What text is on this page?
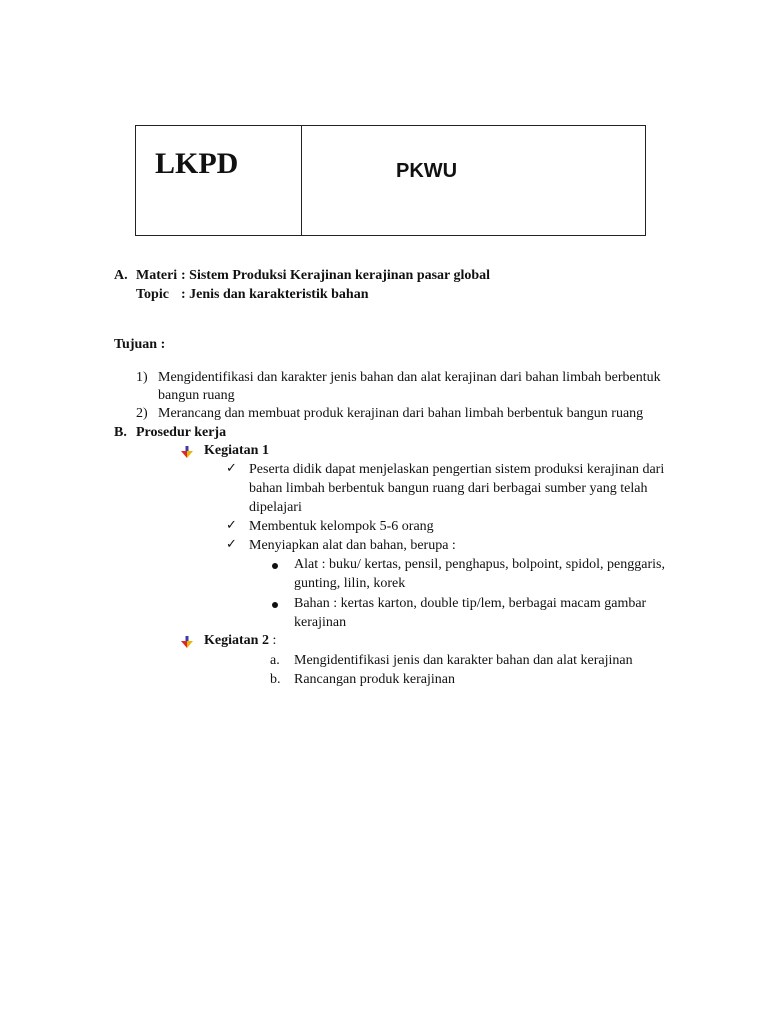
LKPD	PKWU
A. Materi : Sistem Produksi Kerajinan kerajinan pasar global
Topic : Jenis dan karakteristik bahan
Tujuan :
1) Mengidentifikasi dan karakter jenis bahan dan alat kerajinan dari bahan limbah berbentuk
bangun ruang
2) Merancang dan membuat produk kerajinan dari bahan limbah berbentuk bangun ruang
B. Prosedur kerja
Kegiatan 1
✓ Peserta didik dapat menjelaskan pengertian sistem produksi kerajinan dari
bahan limbah berbentuk bangun ruang dari berbagai sumber yang telah
dipelajari
✓ Membentuk kelompok 5-6 orang
✓ Menyiapkan alat dan bahan, berupa :
Alat : buku/ kertas, pensil, penghapus, bolpoint, spidol, penggaris,
gunting, lilin, korek
Bahan : kertas karton, double tip/lem, berbagai macam gambar
kerajinan
Kegiatan 2 :
a. Mengidentifikasi jenis dan karakter bahan dan alat kerajinan
b. Rancangan produk kerajinan
